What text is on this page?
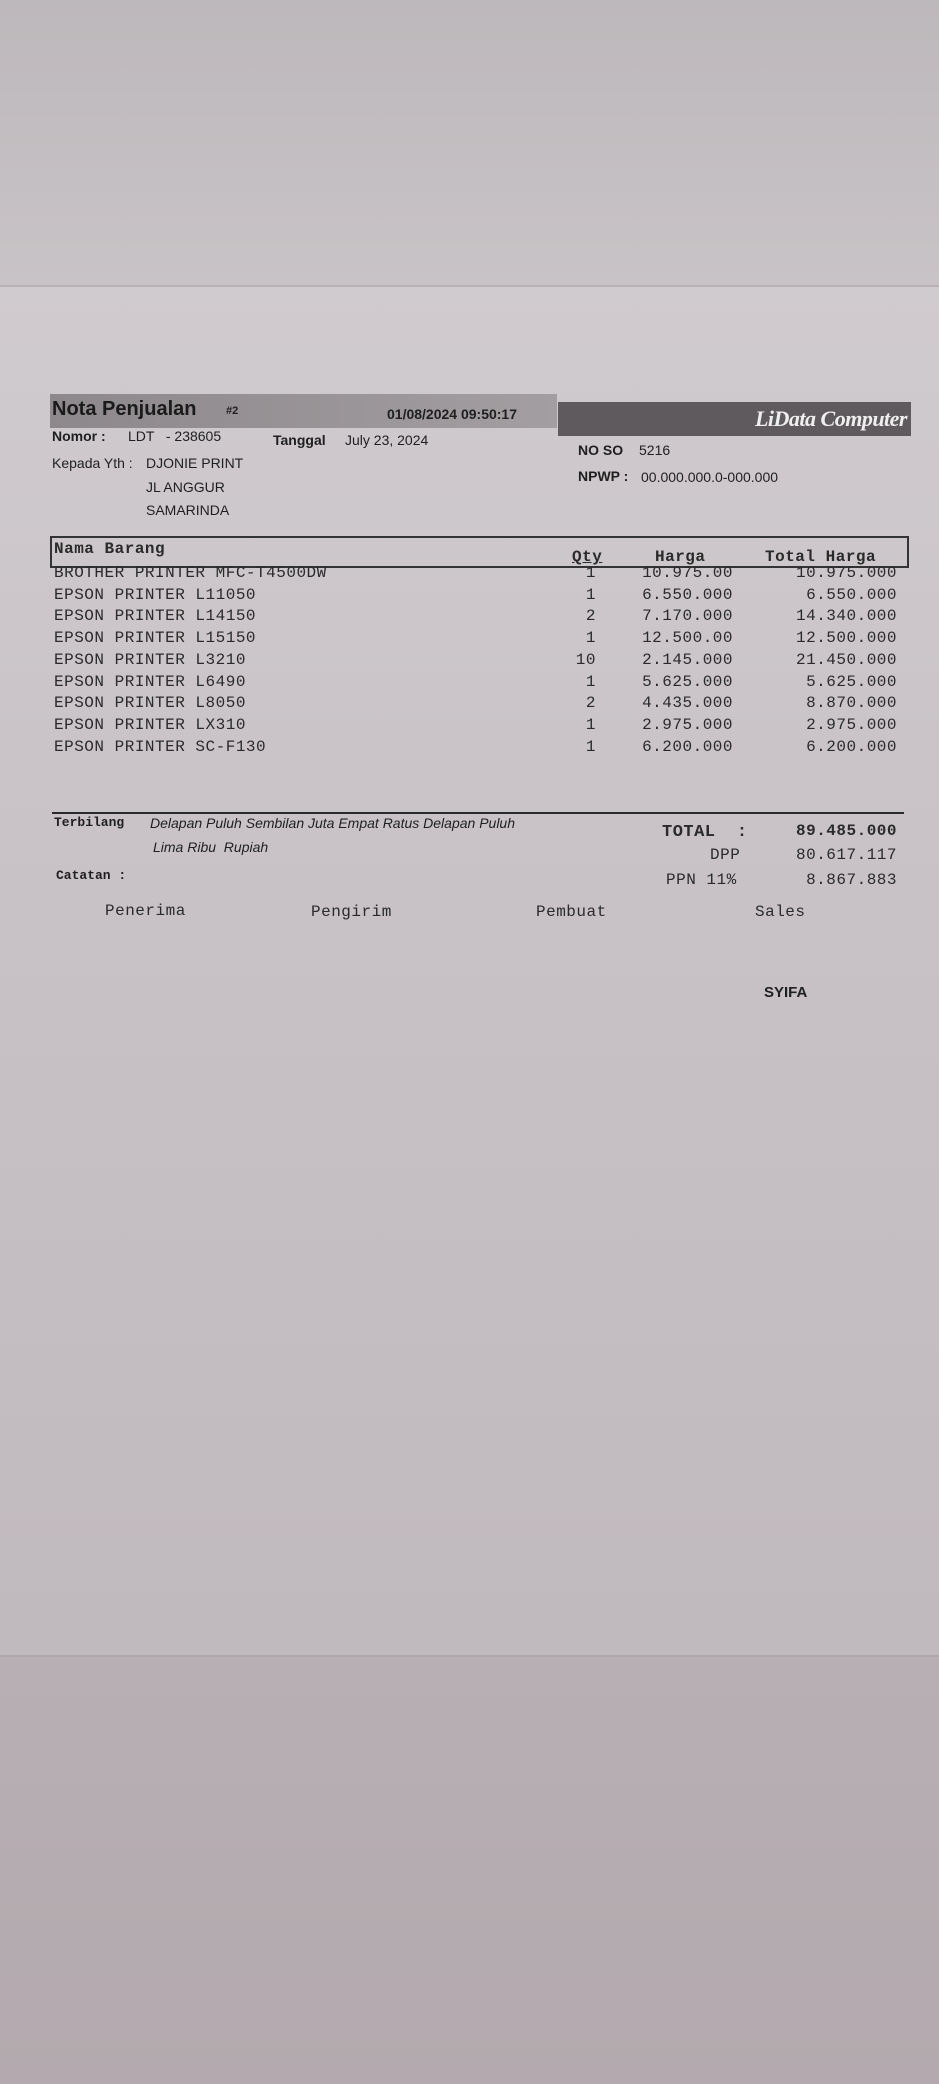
LiData Computer
Nota Penjualan	#2	01/08/2024 09:50:17
Nomor : LDT   - 238605	Tanggal July 23, 2024
Kepada Yth : DJONIE PRINT
JL ANGGUR
SAMARINDA
NO SO 5216
NPWP : 00.000.000.0-000.000
Nama Barang	Qty	Harga	Total Harga
BROTHER PRINTER MFC-T4500DW	1	10.975.00	10.975.000
EPSON PRINTER L11050	1	6.550.000	6.550.000
EPSON PRINTER L14150	2	7.170.000	14.340.000
EPSON PRINTER L15150	1	12.500.00	12.500.000
EPSON PRINTER L3210	10	2.145.000	21.450.000
EPSON PRINTER L6490	1	5.625.000	5.625.000
EPSON PRINTER L8050	2	4.435.000	8.870.000
EPSON PRINTER LX310	1	2.975.000	2.975.000
EPSON PRINTER SC-F130	1	6.200.000	6.200.000
Terbilang Delapan Puluh Sembilan Juta Empat Ratus Delapan Puluh
Lima Ribu  Rupiah
Catatan :
TOTAL  :	89.485.000
DPP	80.617.117
PPN 11%	8.867.883
Penerima	Pengirim	Pembuat	Sales
SYIFA
